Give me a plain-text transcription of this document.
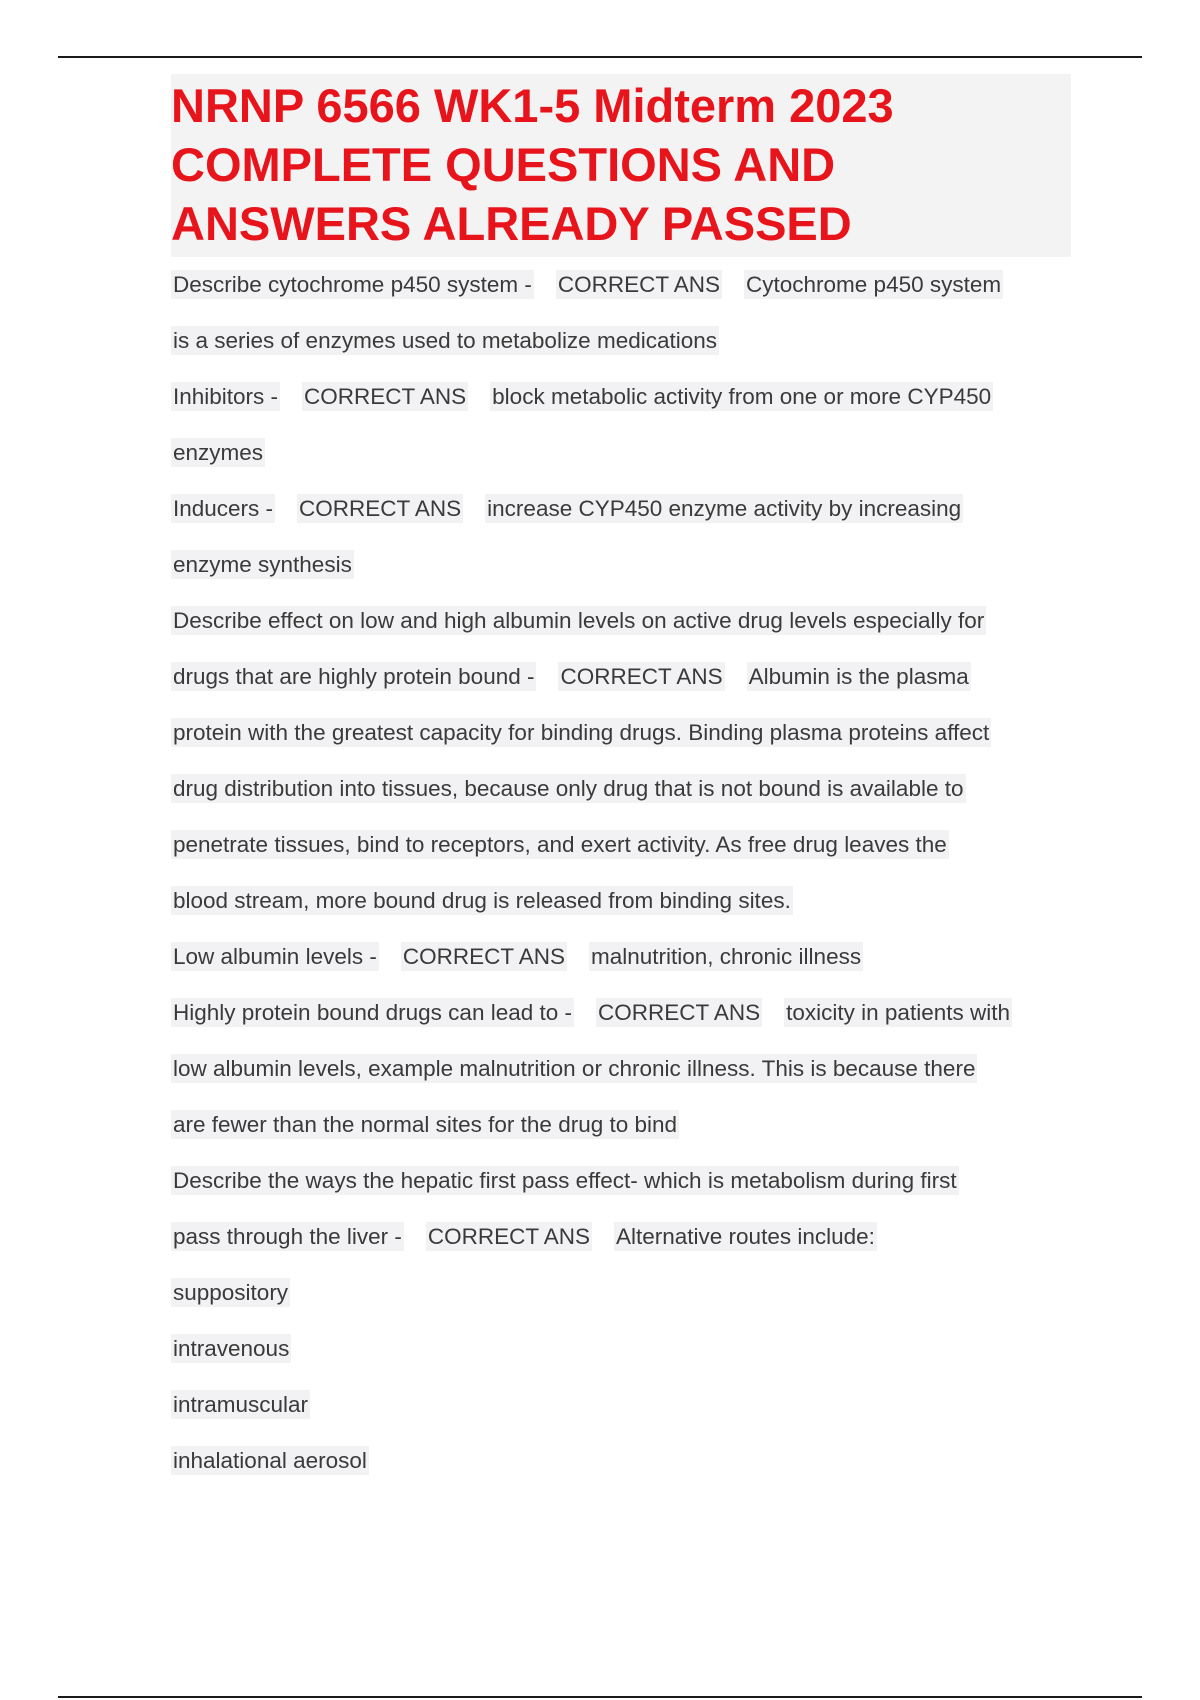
NRNP 6566 WK1-5 Midterm 2023
COMPLETE QUESTIONS AND
ANSWERS ALREADY PASSED
Describe cytochrome p450 system - CORRECT ANS Cytochrome p450 system
is a series of enzymes used to metabolize medications
Inhibitors - CORRECT ANS block metabolic activity from one or more CYP450
enzymes
Inducers - CORRECT ANS increase CYP450 enzyme activity by increasing
enzyme synthesis
Describe effect on low and high albumin levels on active drug levels especially for
drugs that are highly protein bound - CORRECT ANS Albumin is the plasma
protein with the greatest capacity for binding drugs. Binding plasma proteins affect
drug distribution into tissues, because only drug that is not bound is available to
penetrate tissues, bind to receptors, and exert activity. As free drug leaves the
blood stream, more bound drug is released from binding sites.
Low albumin levels - CORRECT ANS malnutrition, chronic illness
Highly protein bound drugs can lead to - CORRECT ANS toxicity in patients with
low albumin levels, example malnutrition or chronic illness. This is because there
are fewer than the normal sites for the drug to bind
Describe the ways the hepatic first pass effect- which is metabolism during first
pass through the liver - CORRECT ANS Alternative routes include:
suppository
intravenous
intramuscular
inhalational aerosol
